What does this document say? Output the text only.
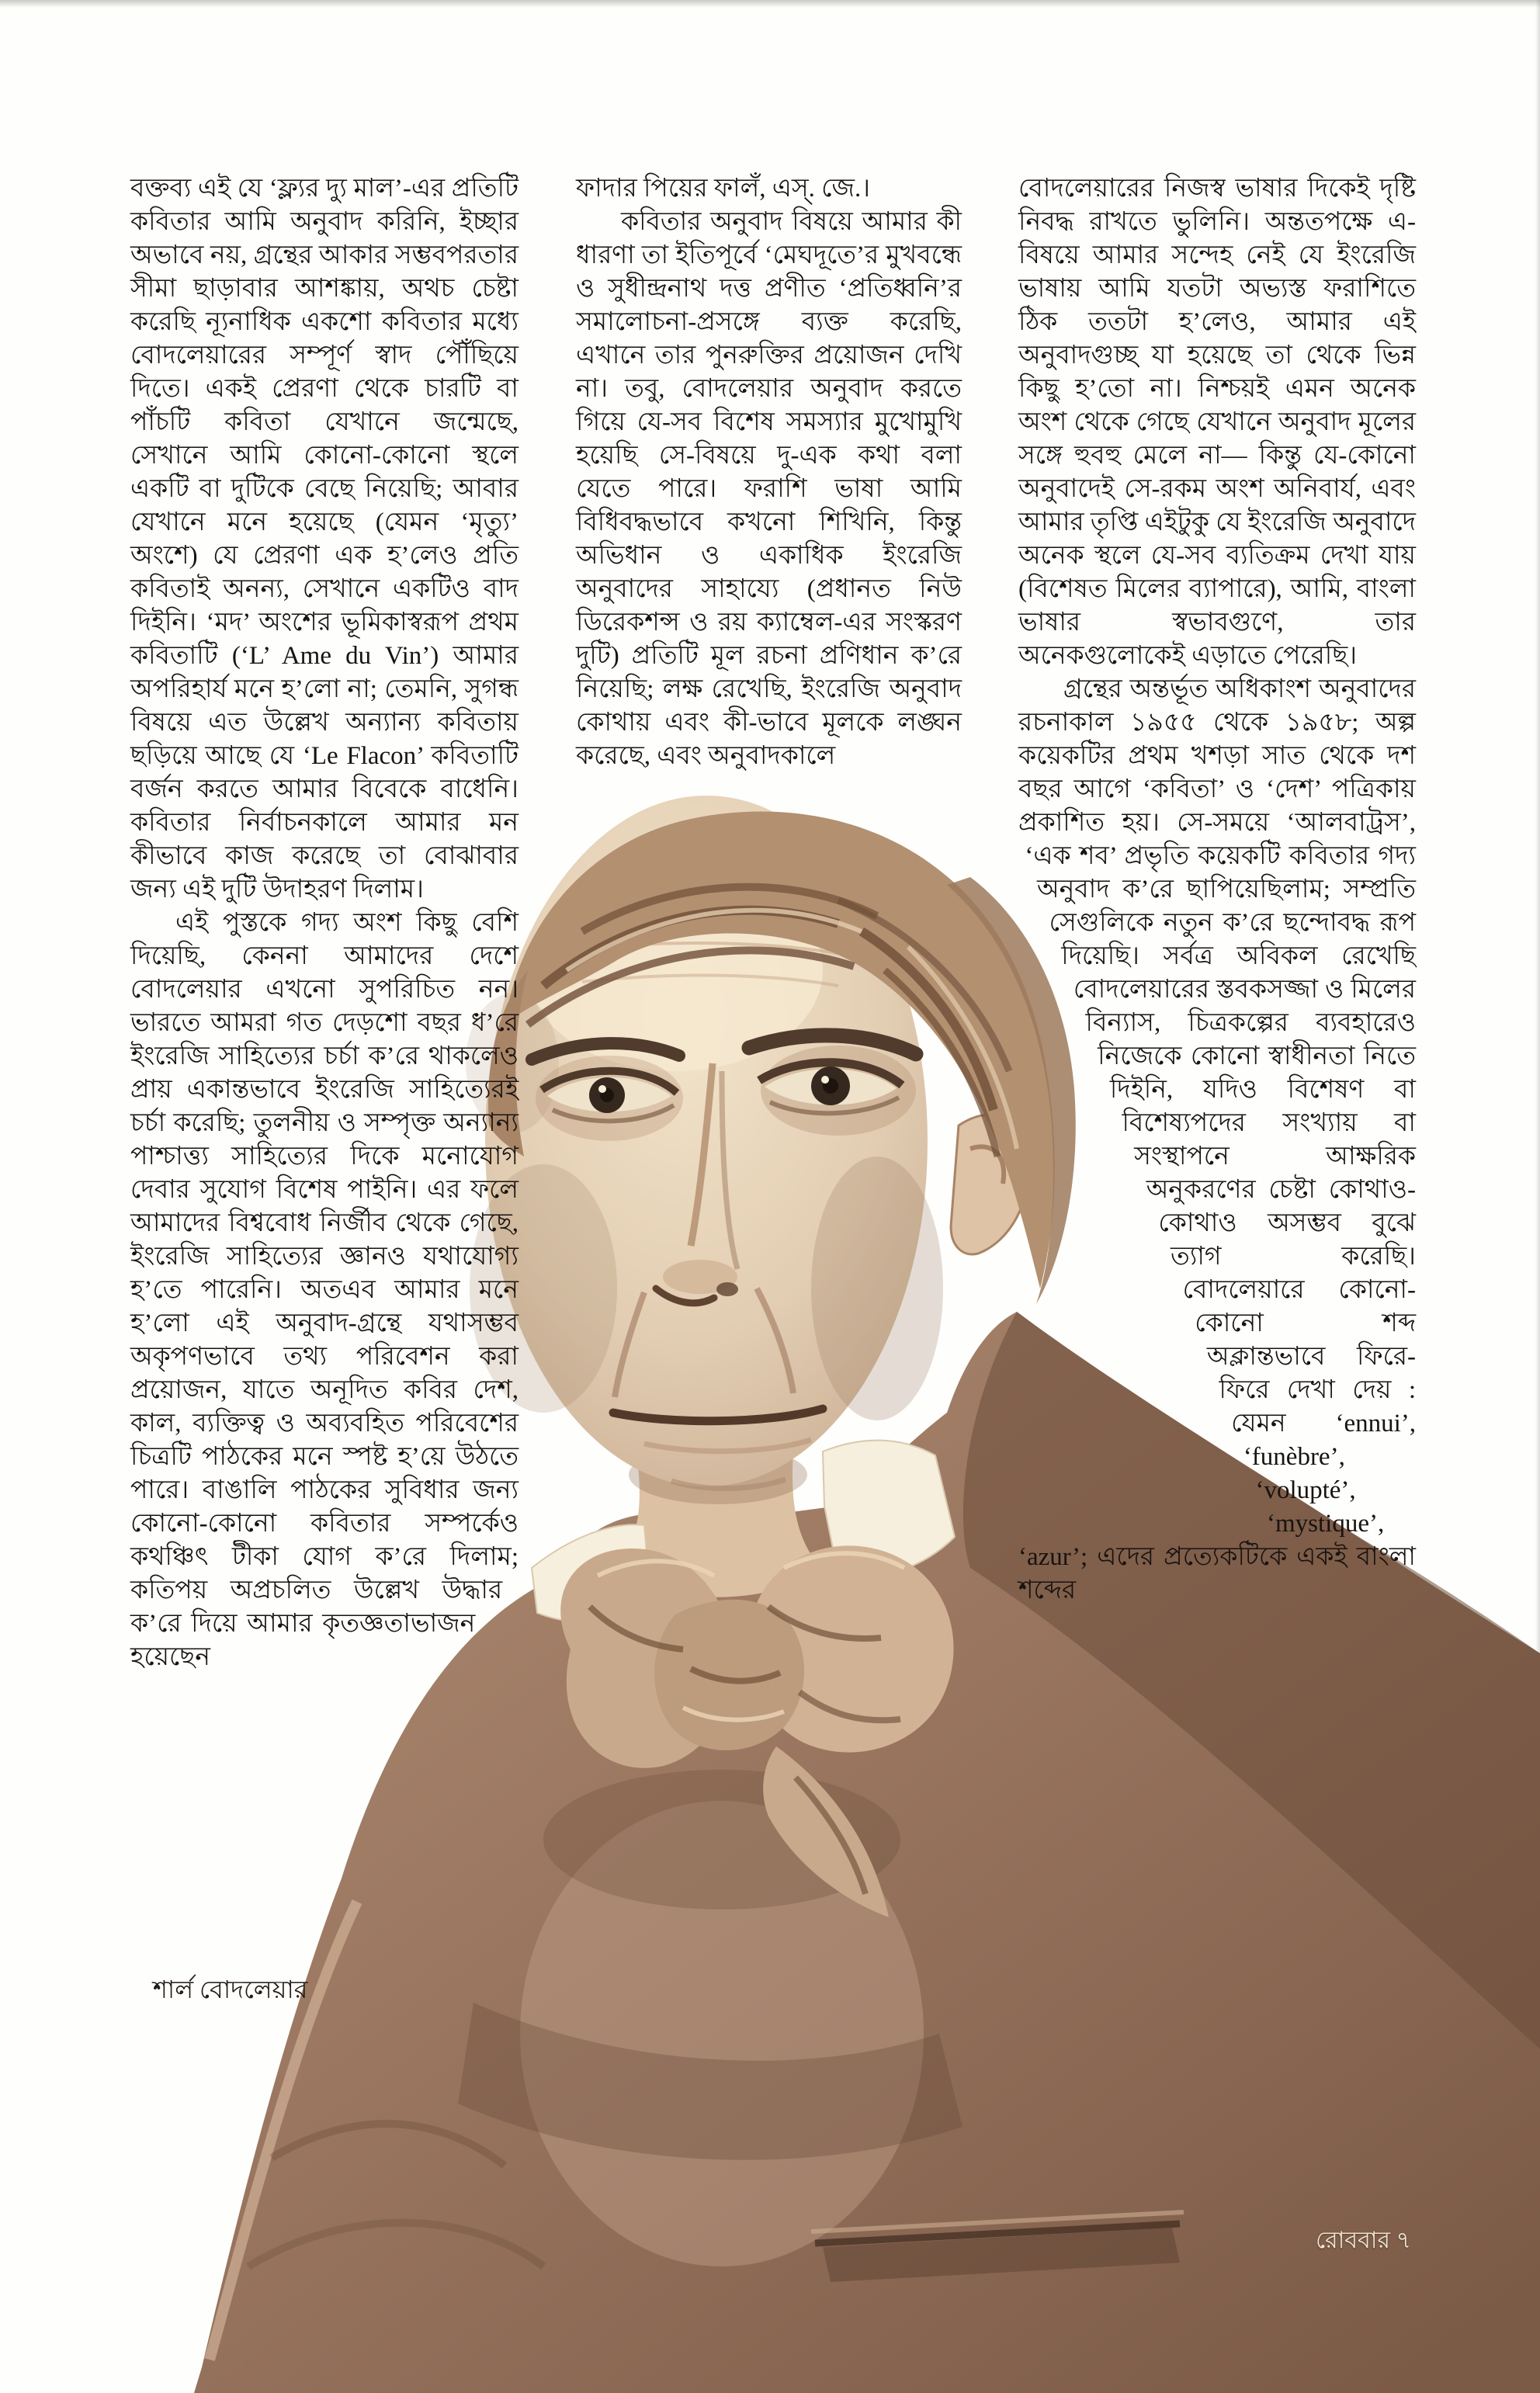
বক্তব্য এই যে ‘ফ্ল্যর দ্যু মাল’-এর প্রতিটি কবিতার আমি অনুবাদ করিনি, ইচ্ছার অভাবে নয়, গ্রন্থের আকার সম্ভবপরতার সীমা ছাড়াবার আশঙ্কায়, অথচ চেষ্টা করেছি ন্যূনাধিক একশো কবিতার মধ্যে বোদলেয়ারের সম্পূর্ণ স্বাদ পৌঁছিয়ে দিতে। একই প্রেরণা থেকে চারটি বা পাঁচটি কবিতা যেখানে জন্মেছে, সেখানে আমি কোনো-কোনো স্থলে একটি বা দুটিকে বেছে নিয়েছি; আবার যেখানে মনে হয়েছে (যেমন ‘মৃত্যু’ অংশে) যে প্রেরণা এক হ’লেও প্রতি কবিতাই অনন্য, সেখানে একটিও বাদ দিইনি। ‘মদ’ অংশের ভূমিকাস্বরূপ প্রথম কবিতাটি (‘L’ Ame du Vin’) আমার অপরিহার্য মনে হ’লো না; তেমনি, সুগন্ধ বিষয়ে এত উল্লেখ অন্যান্য কবিতায় ছড়িয়ে আছে যে ‘Le Flacon’ কবিতাটি বর্জন করতে আমার বিবেকে বাধেনি। কবিতার নির্বাচনকালে আমার মন কীভাবে কাজ করেছে তা বোঝাবার জন্য এই দুটি উদাহরণ দিলাম।

এই পুস্তকে গদ্য অংশ কিছু বেশি দিয়েছি, কেননা আমাদের দেশে বোদলেয়ার এখনো সুপরিচিত নন। ভারতে আমরা গত দেড়শো বছর ধ’রে ইংরেজি সাহিত্যের চর্চা ক’রে থাকলেও প্রায় একান্তভাবে ইংরেজি সাহিত্যেরই চর্চা করেছি; তুলনীয় ও সম্পৃক্ত অন্যান্য পাশ্চাত্ত্য সাহিত্যের দিকে মনোযোগ দেবার সুযোগ বিশেষ পাইনি। এর ফলে আমাদের বিশ্ববোধ নির্জীব থেকে গেছে, ইংরেজি সাহিত্যের জ্ঞানও যথাযোগ্য হ’তে পারেনি। অতএব আমার মনে হ’লো এই অনুবাদ-গ্রন্থে যথাসম্ভব অকৃপণভাবে তথ্য পরিবেশন করা প্রয়োজন, যাতে অনূদিত কবির দেশ, কাল, ব্যক্তিত্ব ও অব্যবহিত পরিবেশের চিত্রটি পাঠকের মনে স্পষ্ট হ’য়ে উঠতে পারে। বাঙালি পাঠকের সুবিধার জন্য কোনো-কোনো কবিতার সম্পর্কেও কথঞ্চিৎ টীকা যোগ ক’রে দিলাম; কতিপয় অপ্রচলিত উল্লেখ উদ্ধার ক’রে দিয়ে আমার কৃতজ্ঞতাভাজন হয়েছেন

ফাদার পিয়ের ফালঁ, এস্. জে.।

কবিতার অনুবাদ বিষয়ে আমার কী ধারণা তা ইতিপূর্বে ‘মেঘদূতে’র মুখবন্ধে ও সুধীন্দ্রনাথ দত্ত প্রণীত ‘প্রতিধ্বনি’র সমালোচনা-প্রসঙ্গে ব্যক্ত করেছি, এখানে তার পুনরুক্তির প্রয়োজন দেখি না। তবু, বোদলেয়ার অনুবাদ করতে গিয়ে যে-সব বিশেষ সমস্যার মুখোমুখি হয়েছি সে-বিষয়ে দু-এক কথা বলা যেতে পারে। ফরাশি ভাষা আমি বিধিবদ্ধভাবে কখনো শিখিনি, কিন্তু অভিধান ও একাধিক ইংরেজি অনুবাদের সাহায্যে (প্রধানত নিউ ডিরেকশন্স ও রয় ক্যাম্বেল-এর সংস্করণ দুটি) প্রতিটি মূল রচনা প্রণিধান ক’রে নিয়েছি; লক্ষ রেখেছি, ইংরেজি অনুবাদ কোথায় এবং কী-ভাবে মূলকে লঙ্ঘন করেছে, এবং অনুবাদকালে

বোদলেয়ারের নিজস্ব ভাষার দিকেই দৃষ্টি নিবদ্ধ রাখতে ভুলিনি। অন্ততপক্ষে এ-বিষয়ে আমার সন্দেহ নেই যে ইংরেজি ভাষায় আমি যতটা অভ্যস্ত ফরাশিতে ঠিক ততটা হ’লেও, আমার এই অনুবাদগুচ্ছ যা হয়েছে তা থেকে ভিন্ন কিছু হ’তো না। নিশ্চয়ই এমন অনেক অংশ থেকে গেছে যেখানে অনুবাদ মূলের সঙ্গে হুবহু মেলে না— কিন্তু যে-কোনো অনুবাদেই সে-রকম অংশ অনিবার্য, এবং আমার তৃপ্তি এইটুকু যে ইংরেজি অনুবাদে অনেক স্থলে যে-সব ব্যতিক্রম দেখা যায় (বিশেষত মিলের ব্যাপারে), আমি, বাংলা ভাষার স্বভাবগুণে, তার অনেকগুলোকেই এড়াতে পেরেছি।

গ্রন্থের অন্তর্ভূত অধিকাংশ অনুবাদের রচনাকাল ১৯৫৫ থেকে ১৯৫৮; অল্প কয়েকটির প্রথম খশড়া সাত থেকে দশ বছর আগে ‘কবিতা’ ও ‘দেশ’ পত্রিকায় প্রকাশিত হয়। সে-সময়ে ‘আলবাট্রস’, ‘এক শব’ প্রভৃতি কয়েকটি কবিতার গদ্য অনুবাদ ক’রে ছাপিয়েছিলাম; সম্প্রতি সেগুলিকে নতুন ক’রে ছন্দোবদ্ধ রূপ দিয়েছি। সর্বত্র অবিকল রেখেছি বোদলেয়ারের স্তবকসজ্জা ও মিলের বিন্যাস, চিত্রকল্পের ব্যবহারেও নিজেকে কোনো স্বাধীনতা নিতে দিইনি, যদিও বিশেষণ বা বিশেষ্যপদের সংখ্যায় বা সংস্থাপনে আক্ষরিক অনুকরণের চেষ্টা কোথাও-কোথাও অসম্ভব বুঝে ত্যাগ করেছি। বোদলেয়ারে কোনো-কোনো শব্দ অক্লান্তভাবে ফিরে-ফিরে দেখা দেয় : যেমন ‘ennui’, ‘funèbre’, ‘volupté’, ‘mystique’, ‘azur’; এদের প্রত্যেকটিকে একই বাংলা শব্দের

শার্ল বোদলেয়ার
রোববার ৭
